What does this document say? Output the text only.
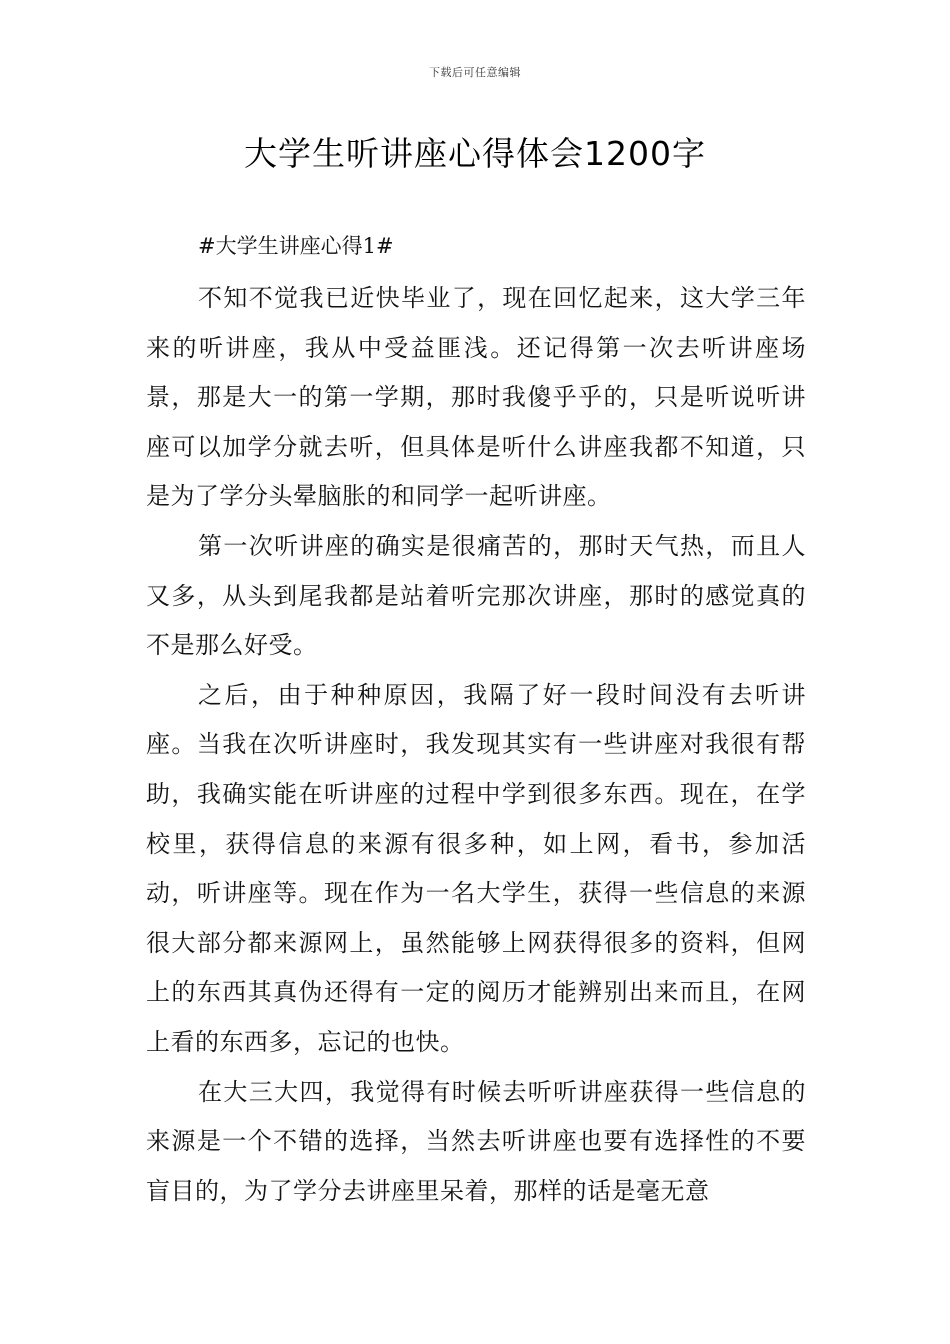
下载后可任意编辑
大学生听讲座心得体会1200字

#大学生讲座心得1#

不知不觉我已近快毕业了，现在回忆起来，这大学三年来的听讲座，我从中受益匪浅。还记得第一次去听讲座场景，那是大一的第一学期，那时我傻乎乎的，只是听说听讲座可以加学分就去听，但具体是听什么讲座我都不知道，只是为了学分头晕脑胀的和同学一起听讲座。

第一次听讲座的确实是很痛苦的，那时天气热，而且人又多，从头到尾我都是站着听完那次讲座，那时的感觉真的不是那么好受。

之后，由于种种原因，我隔了好一段时间没有去听讲座。当我在次听讲座时，我发现其实有一些讲座对我很有帮助，我确实能在听讲座的过程中学到很多东西。现在，在学校里，获得信息的来源有很多种，如上网，看书，参加活动，听讲座等。现在作为一名大学生，获得一些信息的来源很大部分都来源网上，虽然能够上网获得很多的资料，但网上的东西其真伪还得有一定的阅历才能辨别出来而且，在网上看的东西多，忘记的也快。

在大三大四，我觉得有时候去听听讲座获得一些信息的来源是一个不错的选择，当然去听讲座也要有选择性的不要盲目的，为了学分去讲座里呆着，那样的话是毫无意
